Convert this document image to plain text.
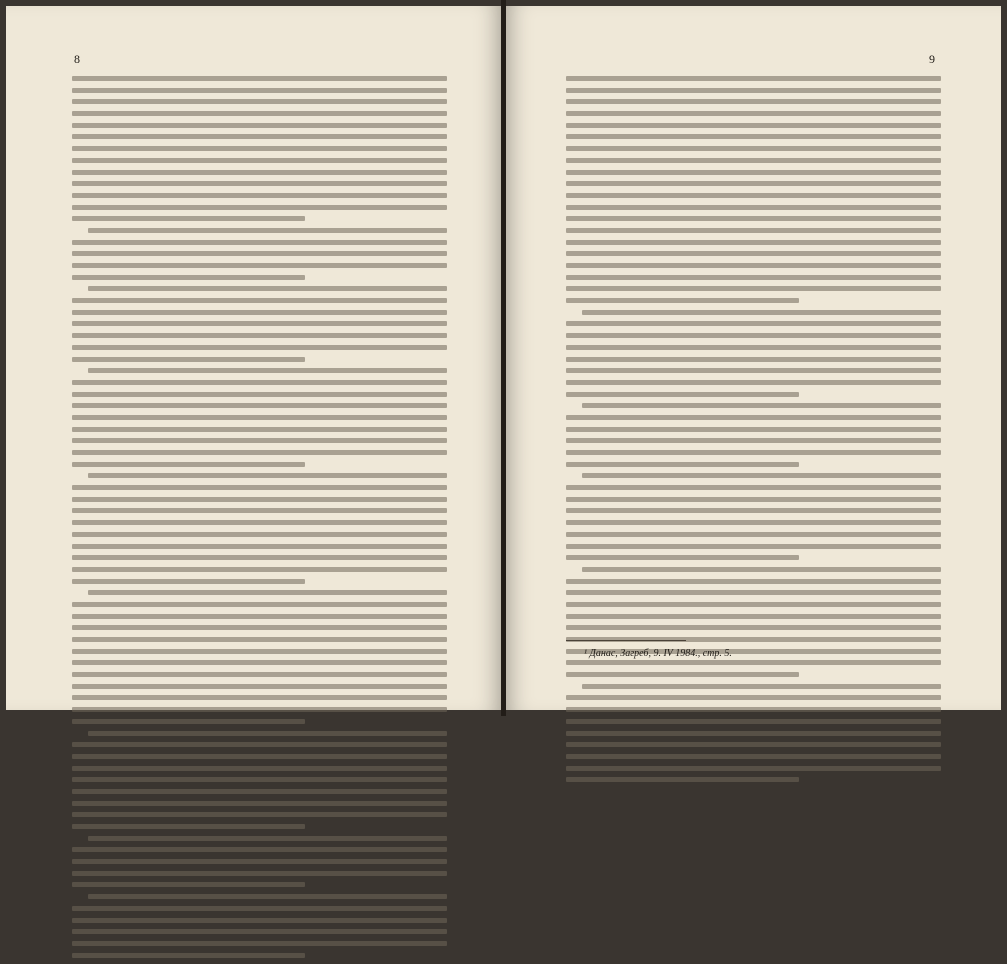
8	9
¹ Данас, Загреб, 9. IV 1984., стр. 5.
